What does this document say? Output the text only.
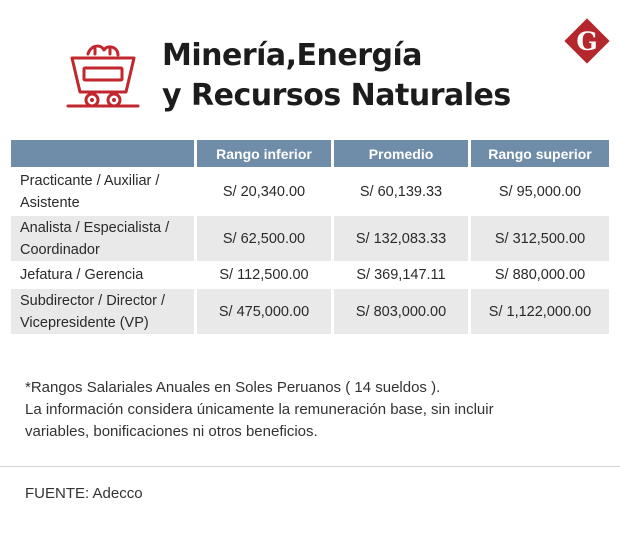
Minería,Energía
y Recursos Naturales
G
	Rango inferior	Promedio	Rango superior

Practicante / Auxiliar /
Asistente	S/ 20,340.00	S/ 60,139.33	S/ 95,000.00

Analista / Especialista /
Coordinador	S/ 62,500.00	S/ 132,083.33	S/ 312,500.00

Jefatura / Gerencia	S/ 112,500.00	S/ 369,147.11	S/ 880,000.00

Subdirector / Director /
Vicepresidente (VP)	S/ 475,000.00	S/ 803,000.00	S/ 1,122,000.00
*Rangos Salariales Anuales en Soles Peruanos ( 14 sueldos ).
La información considera únicamente la remuneración base, sin incluir
variables, bonificaciones ni otros beneficios.
FUENTE: Adecco
